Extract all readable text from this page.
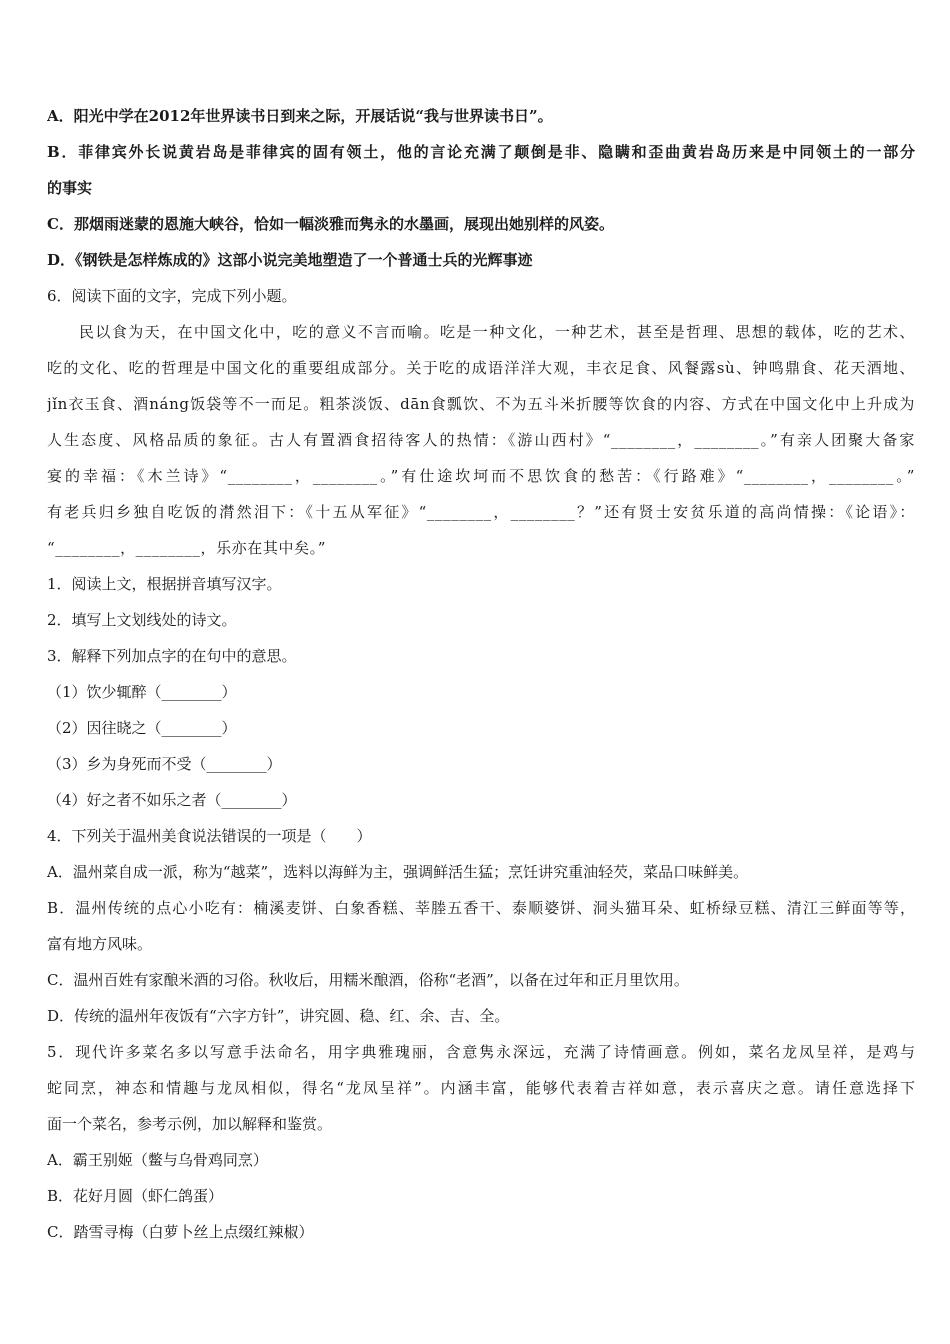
A．阳光中学在2012年世界读书日到来之际，开展话说“我与世界读书日”。
B．菲律宾外长说黄岩岛是菲律宾的固有领土，他的言论充满了颠倒是非、隐瞒和歪曲黄岩岛历来是中同领土的一部分
的事实
C．那烟雨迷蒙的恩施大峡谷，恰如一幅淡雅而隽永的水墨画，展现出她别样的风姿。
D．《钢铁是怎样炼成的》这部小说完美地塑造了一个普通士兵的光辉事迹
6．阅读下面的文字，完成下列小题。
民以食为天，在中国文化中，吃的意义不言而喻。吃是一种文化，一种艺术，甚至是哲理、思想的载体，吃的艺术、
吃的文化、吃的哲理是中国文化的重要组成部分。关于吃的成语洋洋大观，丰衣足食、风餐露sù、钟鸣鼎食、花天酒地、
jǐn衣玉食、酒náng饭袋等不一而足。粗茶淡饭、dān食瓢饮、不为五斗米折腰等饮食的内容、方式在中国文化中上升成为
人生态度、风格品质的象征。古人有置酒食招待客人的热情：《游山西村》“________，________。”有亲人团聚大备家
宴的幸福：《木兰诗》“________，________。”有仕途坎坷而不思饮食的愁苦：《行路难》“________，________。”
有老兵归乡独自吃饭的潸然泪下：《十五从军征》“________，________？”还有贤士安贫乐道的高尚情操：《论语》：
“________，________，乐亦在其中矣。”
1．阅读上文，根据拼音填写汉字。
2．填写上文划线处的诗文。
3．解释下列加点字的在句中的意思。
（1）饮少辄醉（________）
（2）因往晓之（________）
（3）乡为身死而不受（________）
（4）好之者不如乐之者（________）
4．下列关于温州美食说法错误的一项是（　　）
A．温州菜自成一派，称为“越菜”，选料以海鲜为主，强调鲜活生猛；烹饪讲究重油轻芡，菜品口味鲜美。
B．温州传统的点心小吃有：楠溪麦饼、白象香糕、莘塍五香干、泰顺婆饼、洞头猫耳朵、虹桥绿豆糕、清江三鲜面等等，
富有地方风味。
C．温州百姓有家酿米酒的习俗。秋收后，用糯米酿酒，俗称“老酒”，以备在过年和正月里饮用。
D．传统的温州年夜饭有“六字方针”，讲究圆、稳、红、余、吉、全。
5．现代许多菜名多以写意手法命名，用字典雅瑰丽，含意隽永深远，充满了诗情画意。例如，菜名龙凤呈祥，是鸡与
蛇同烹，神态和情趣与龙凤相似，得名“龙凤呈祥”。内涵丰富，能够代表着吉祥如意，表示喜庆之意。请任意选择下
面一个菜名，参考示例，加以解释和鉴赏。
A．霸王别姬（鳖与乌骨鸡同烹）
B．花好月圆（虾仁鸽蛋）
C．踏雪寻梅（白萝卜丝上点缀红辣椒）
